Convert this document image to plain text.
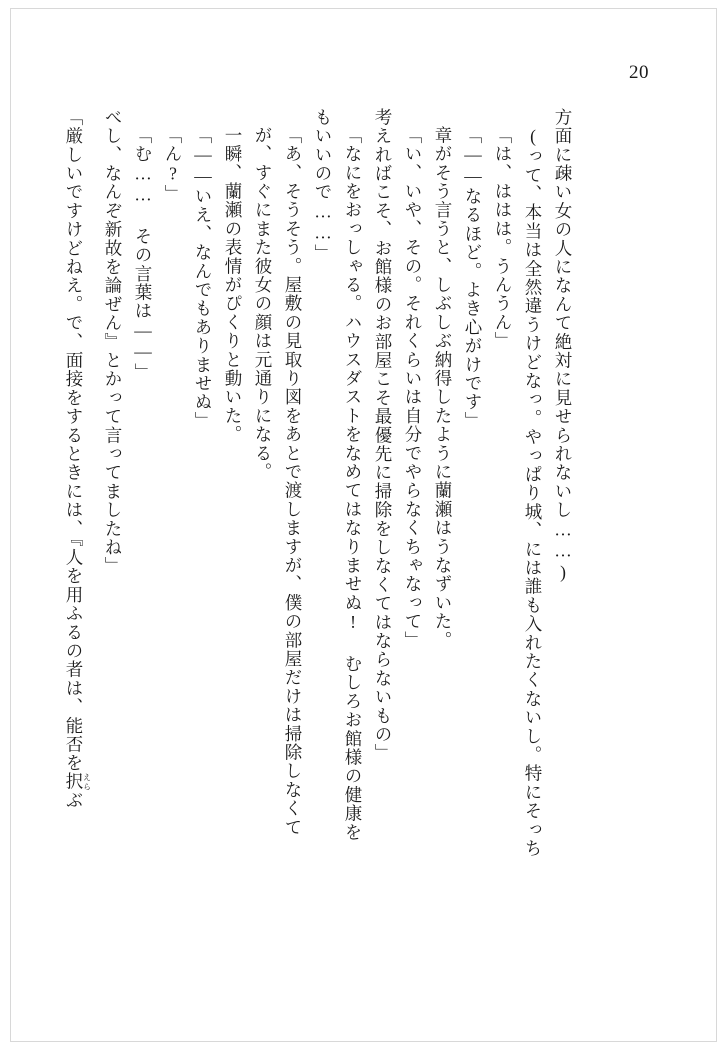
20
「厳しいですけどねえ。で、面接をするときには、『人を用ふるの者は、能否を択えらぶ
べし、なんぞ新故を論ぜん』とかって言ってましたね」 「む…… その言葉は――」 「ん?」 「――いえ、なんでもありませぬ」 一瞬、蘭瀬の表情がぴくりと動いた。 が、すぐにまた彼女の顔は元通りになる。 「あ、そうそう。屋敷の見取り図をあとで渡しますが、僕の部屋だけは掃除しなくて もいいので……」 「なにをおっしゃる。ハウスダストをなめてはなりませぬ! むしろお館様の健康を 考えればこそ、お館様のお部屋こそ最優先に掃除をしなくてはならないもの」 「い、いや、その。それくらいは自分でやらなくちゃなって」 章がそう言うと、しぶしぶ納得したように蘭瀬はうなずいた。 「――なるほど。よき心がけです」 「は、ははは。うんうん」 (って、本当は全然違うけどなっ。やっぱり城、には誰も入れたくないし。特にそっち 方面に疎い女の人になんて絶対に見せられないし……)
